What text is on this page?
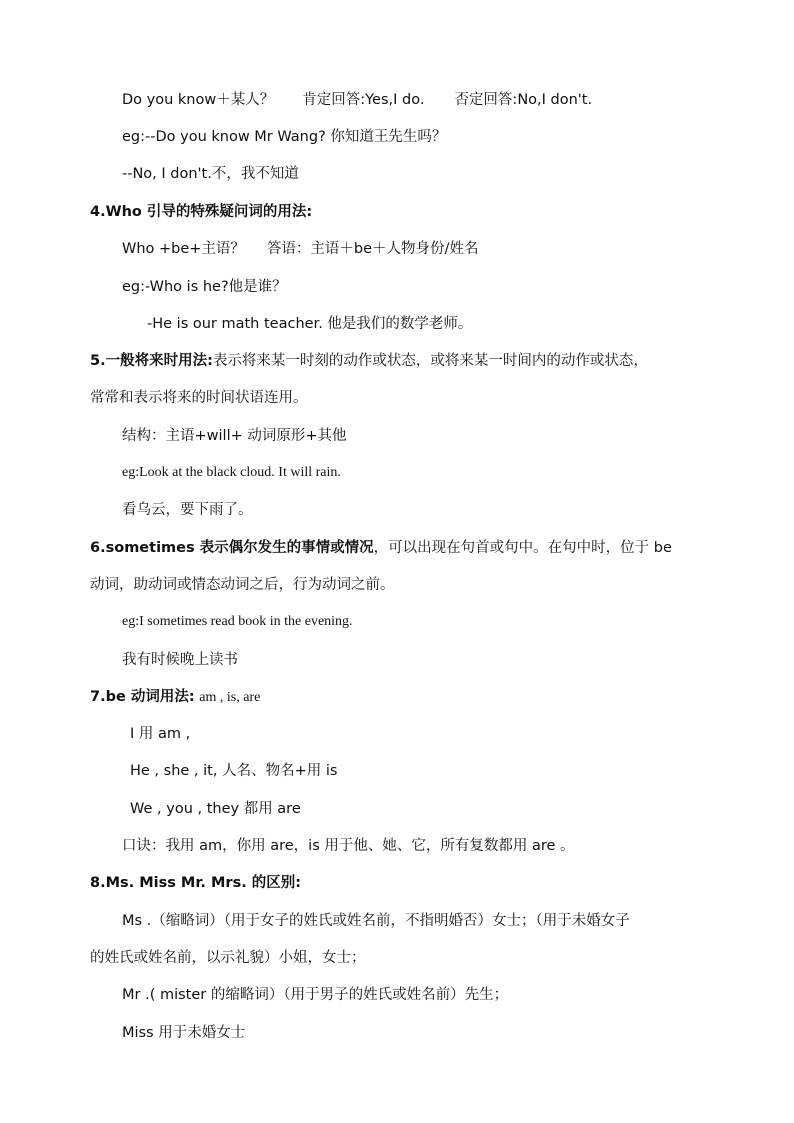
Do you know＋某人？ 肯定回答:Yes,I do. 否定回答:No,I don't.
eg:--Do you know Mr Wang? 你知道王先生吗？
--No, I don't.不，我不知道
4.Who 引导的特殊疑问词的用法:
Who +be+主语？ 答语：主语＋be＋人物身份/姓名
eg:-Who is he?他是谁？
-He is our math teacher. 他是我们的数学老师。
5.一般将来时用法:表示将来某一时刻的动作或状态，或将来某一时间内的动作或状态，
常常和表示将来的时间状语连用。
结构：主语+will+ 动词原形+其他
eg:Look at the black cloud. It will rain.
看乌云，要下雨了。
6.sometimes 表示偶尔发生的事情或情况，可以出现在句首或句中。在句中时，位于 be
动词，助动词或情态动词之后，行为动词之前。
eg:I sometimes read book in the evening.
我有时候晚上读书
7.be 动词用法: am , is, are
I 用 am ,
He , she , it, 人名、物名+用 is
We , you , they 都用 are
口诀：我用 am，你用 are，is 用于他、她、它，所有复数都用 are 。
8.Ms. Miss Mr. Mrs. 的区别:
Ms .（缩略词）（用于女子的姓氏或姓名前，不指明婚否）女士；（用于未婚女子
的姓氏或姓名前，以示礼貌）小姐，女士；
Mr .( mister 的缩略词）（用于男子的姓氏或姓名前）先生；
Miss 用于未婚女士
